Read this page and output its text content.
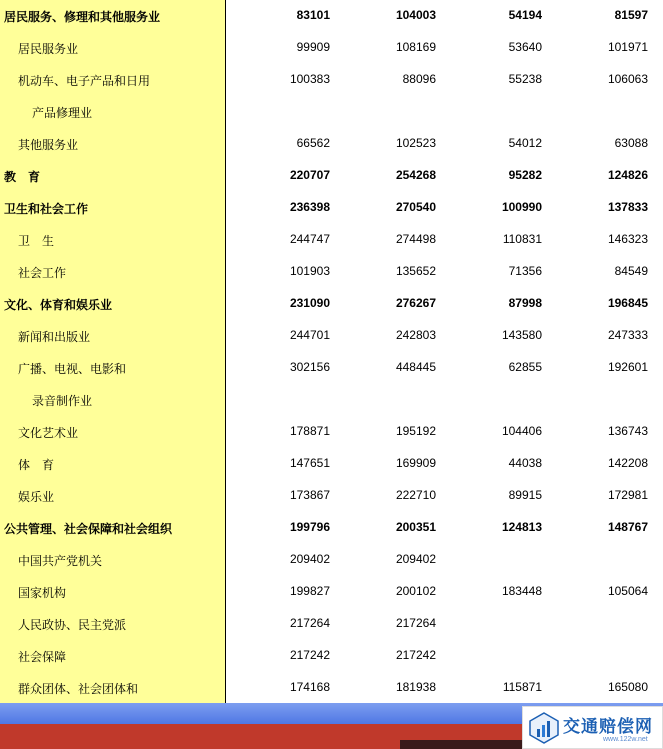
居民服务、修理和其他服务业	83101	104003	54194	81597
居民服务业	99909	108169	53640	101971
机动车、电子产品和日用	100383	88096	55238	106063
产品修理业
其他服务业	66562	102523	54012	63088
教　育	220707	254268	95282	124826
卫生和社会工作	236398	270540	100990	137833
卫　生	244747	274498	110831	146323
社会工作	101903	135652	71356	84549
文化、体育和娱乐业	231090	276267	87998	196845
新闻和出版业	244701	242803	143580	247333
广播、电视、电影和	302156	448445	62855	192601
录音制作业
文化艺术业	178871	195192	104406	136743
体　育	147651	169909	44038	142208
娱乐业	173867	222710	89915	172981
公共管理、社会保障和社会组织	199796	200351	124813	148767
中国共产党机关	209402	209402
国家机构	199827	200102	183448	105064
人民政协、民主党派	217264	217264
社会保障	217242	217242
群众团体、社会团体和	174168	181938	115871	165080
交通赔偿网
www.122w.net
